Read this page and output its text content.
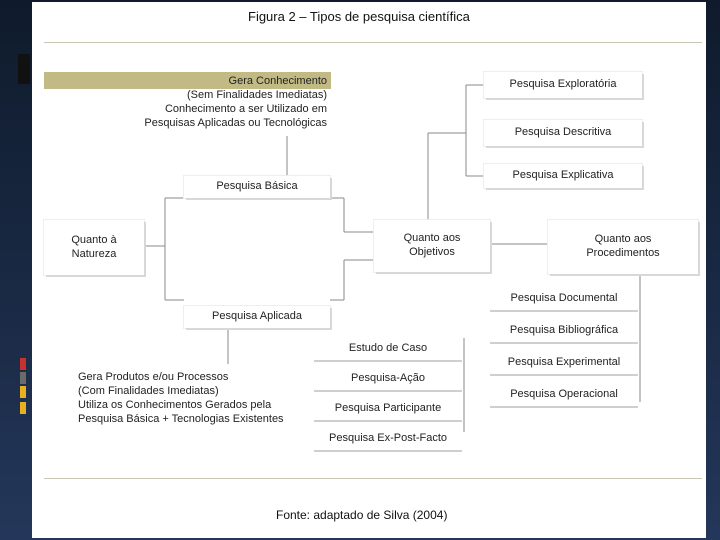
Figura 2 – Tipos de pesquisa científica
Gera Conhecimento
(Sem Finalidades Imediatas)
Conhecimento a ser Utilizado em
Pesquisas Aplicadas ou Tecnológicas
Quanto à
Natureza
Pesquisa Básica
Pesquisa Aplicada
Gera Produtos e/ou Processos
(Com Finalidades Imediatas)
Utiliza os Conhecimentos Gerados pela
Pesquisa Básica + Tecnologias Existentes
Quanto aos
Objetivos
Pesquisa Exploratória
Pesquisa Descritiva
Pesquisa Explicativa
Quanto aos
Procedimentos
Pesquisa Documental
Pesquisa Bibliográfica
Pesquisa Experimental
Pesquisa Operacional
Estudo de Caso
Pesquisa-Ação
Pesquisa Participante
Pesquisa Ex-Post-Facto
Fonte: adaptado de Silva (2004)
